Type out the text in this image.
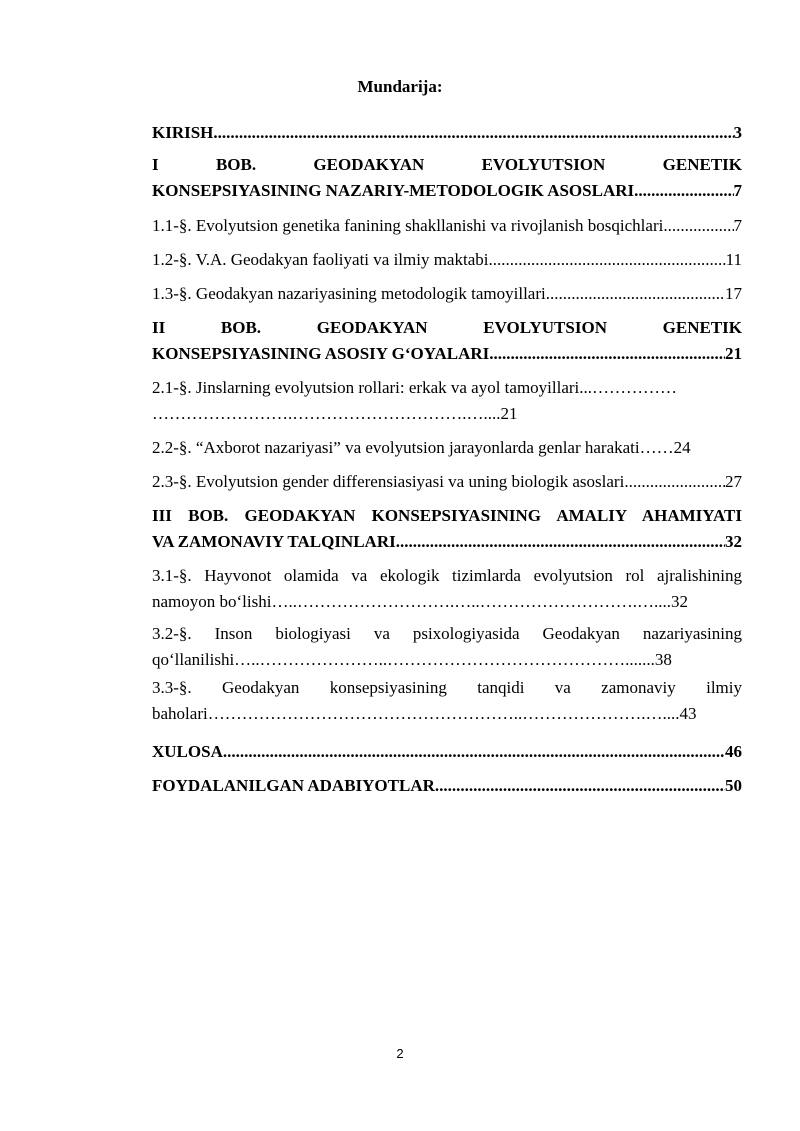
Mundarija:
KIRISH .....	3
I BOB. GEODAKYAN EVOLYUTSION GENETIK
KONSEPSIYASINING NAZARIY-METODOLOGIK ASOSLARI .....	7
1.1-§. Evolyutsion genetika fanining shakllanishi va rivojlanish bosqichlari .....	7
1.2-§. V.A. Geodakyan faoliyati va ilmiy maktabi .....	11
1.3-§. Geodakyan nazariyasining metodologik tamoyillari .....	17
II BOB. GEODAKYAN EVOLYUTSION GENETIK
KONSEPSIYASINING ASOSIY G‘OYALARI .....	21
2.1-§. Jinslarning evolyutsion rollari: erkak va ayol tamoyillari...……………
…………………….………………………….…....21
2.2-§. “Axborot nazariyasi” va evolyutsion jarayonlarda genlar harakati…… 24
2.3-§. Evolyutsion gender differensiasiyasi va uning biologik asoslari .....	27
III BOB. GEODAKYAN KONSEPSIYASINING AMALIY AHAMIYATI
VA ZAMONAVIY TALQINLARI .....	32
3.1-§. Hayvonot olamida va ekologik tizimlarda evolyutsion rol ajralishining
namoyon bo‘lishi…..……………………….…..……………………….…....32
3.2-§. Inson biologiyasi va psixologiyasida Geodakyan nazariyasining
qo‘llanilishi…..…………………..…………………………………….......38
3.3-§. Geodakyan konsepsiyasining tanqidi va zamonaviy ilmiy
baholari………………………………………………..………………….…....43
XULOSA .....	46
FOYDALANILGAN ADABIYOTLAR .....	50
2
